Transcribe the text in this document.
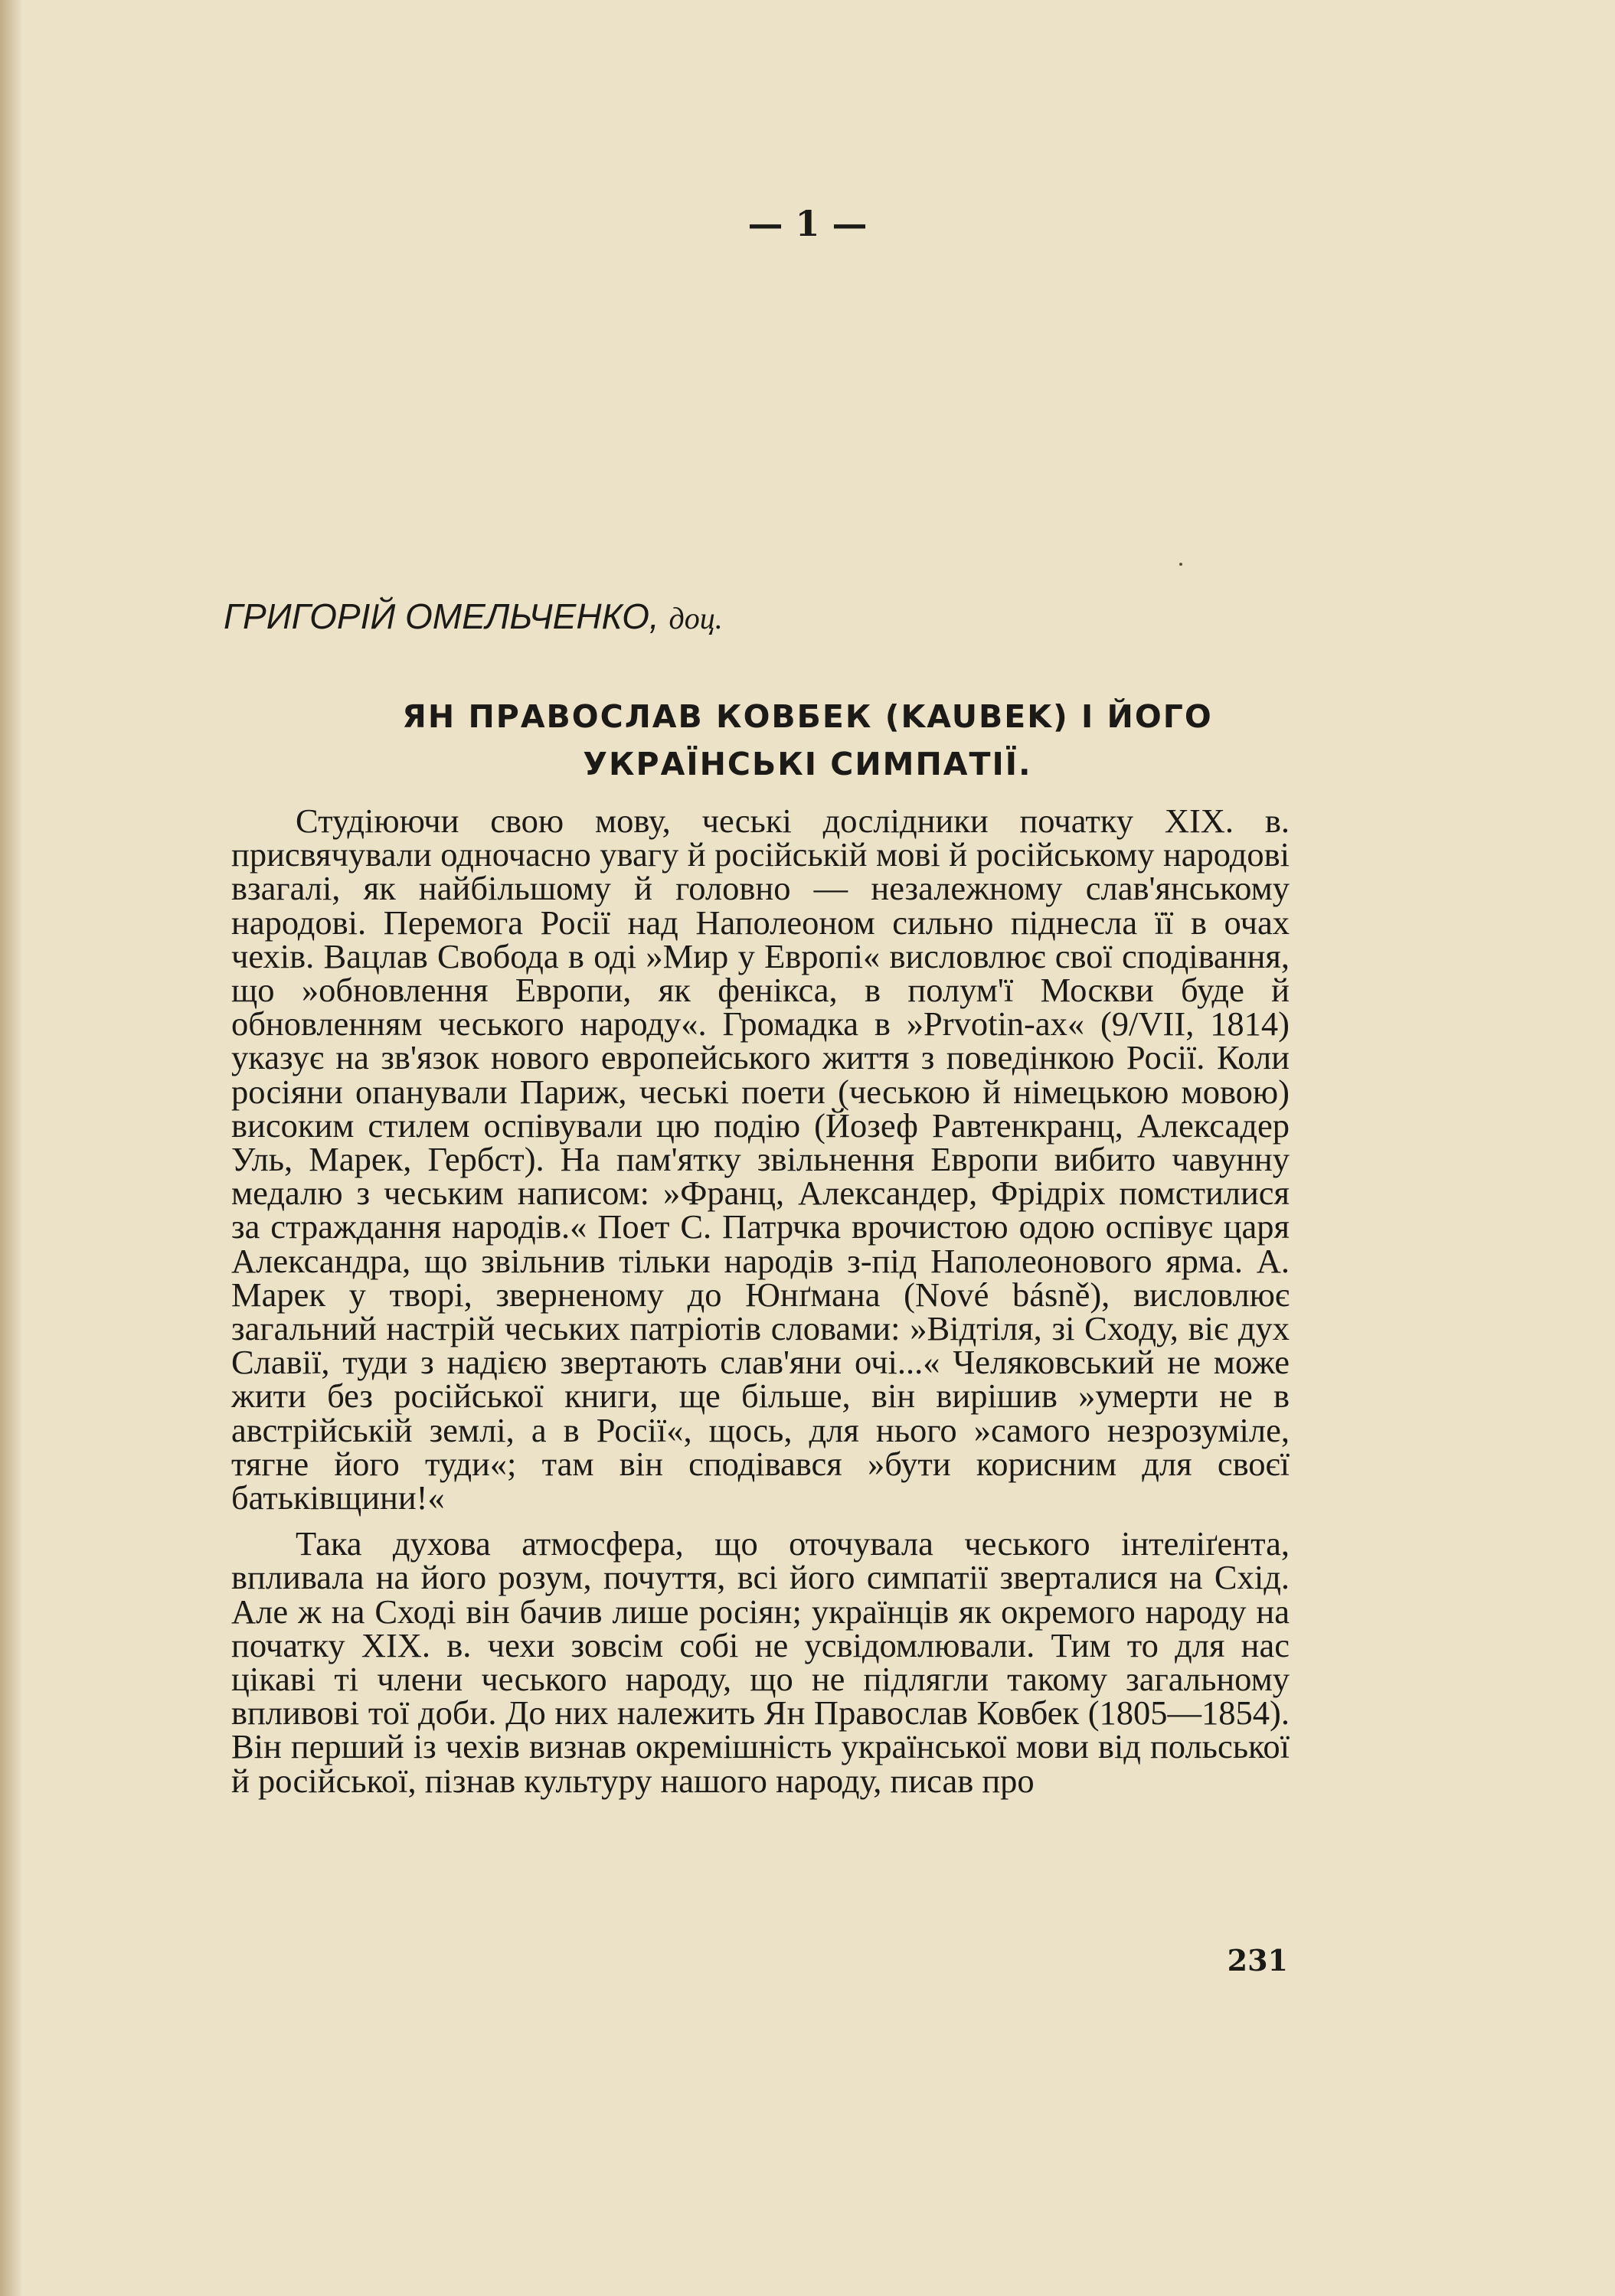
— 1 —
ГРИГОРІЙ ОМЕЛЬЧЕНКО, доц.
ЯН ПРАВОСЛАВ КОВБЕК (KAUBEK) І ЙОГО
УКРАЇНСЬКІ СИМПАТІЇ.

Студіюючи свою мову, чеські дослідники початку XIX. в. присвячували одночасно увагу й російській мові й російському народові взагалі, як найбільшому й головно — незалежному слав'янському народові. Перемога Росії над Наполеоном сильно піднесла її в очах чехів. Вацлав Свобода в оді »Мир у Европі« висловлює свої сподівання, що »обновлення Европи, як фенікса, в полум'ї Москви буде й обновленням чеського народу«. Громадка в »Prvotin-ах« (9/VII, 1814) указує на зв'язок нового европейського життя з поведінкою Росії. Коли росіяни опанували Париж, чеські поети (чеською й німецькою мовою) високим стилем оспівували цю подію (Йозеф Равтенкранц, Алексадер Уль, Марек, Гербст). На пам'ятку звільнення Европи вибито чавунну медалю з чеським написом: »Франц, Александер, Фрідріх помстилися за страждання народів.« Поет С. Патрчка врочистою одою оспівує царя Александра, що звільнив тільки народів з-під Наполеонового ярма. А. Марек у творі, зверненому до Юнґмана (Nové básně), висловлює загальний настрій чеських патріотів словами: »Відтіля, зі Сходу, віє дух Славії, туди з надією звертають слав'яни очі...« Челяковський не може жити без російської книги, ще більше, він вирішив »умерти не в австрійській землі, а в Росії«, щось, для нього »самого незрозуміле, тягне його туди«; там він сподівався »бути корисним для своєї батьківщини!«

Така духова атмосфера, що оточувала чеського інтеліґента, впливала на його розум, почуття, всі його симпатії зверталися на Схід. Але ж на Сході він бачив лише росіян; українців як окремого народу на початку XIX. в. чехи зовсім собі не усвідомлювали. Тим то для нас цікаві ті члени чеського народу, що не підлягли такому загальному впливові тої доби. До них належить Ян Православ Ковбек (1805—1854). Він перший із чехів визнав окремішність української мови від польської й російської, пізнав культуру нашого народу, писав про

231
